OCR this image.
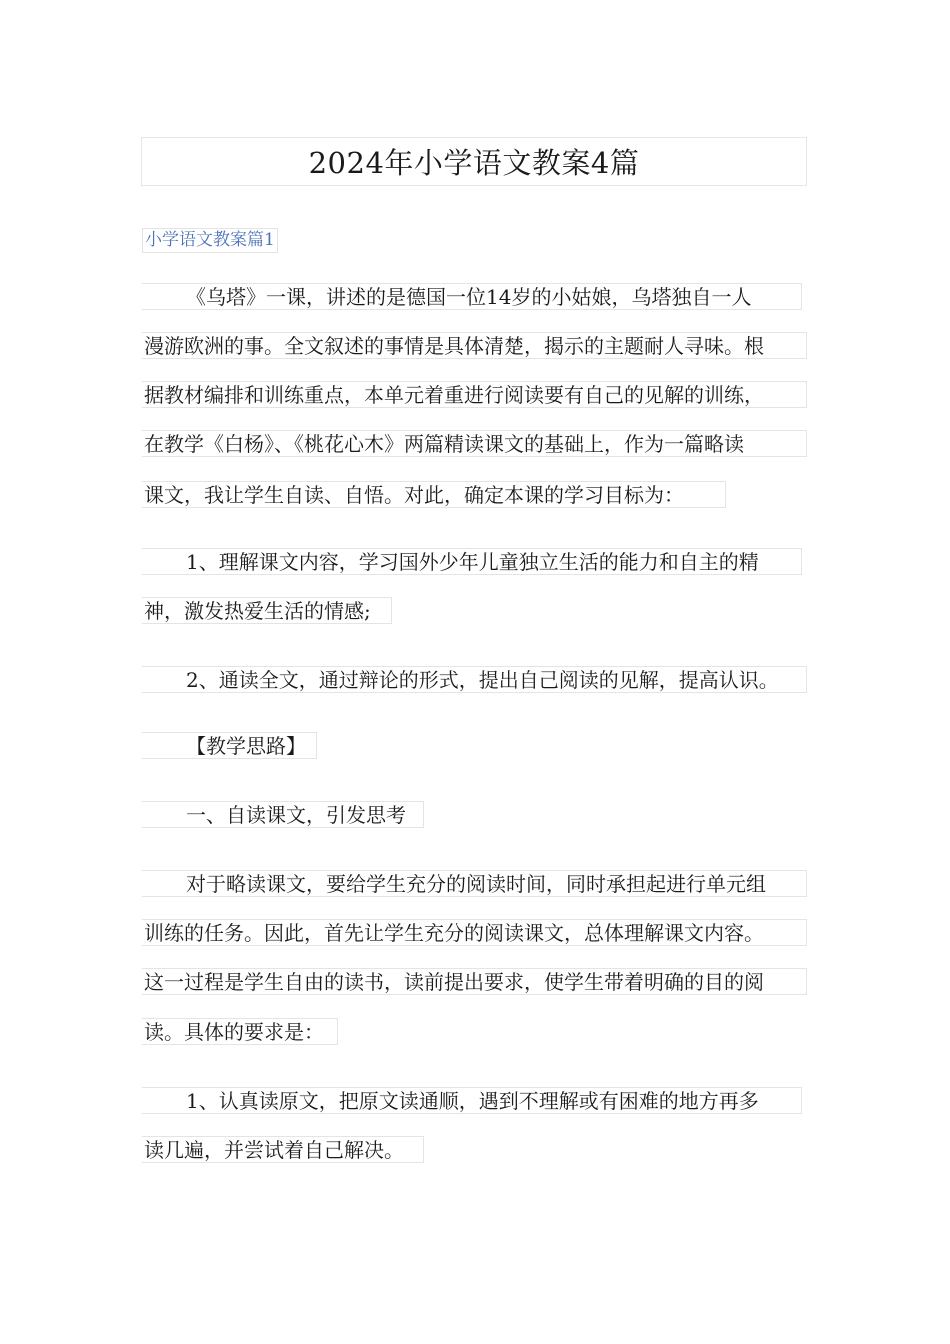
2024年小学语文教案4篇
小学语文教案篇1
《乌塔》一课，讲述的是德国一位14岁的小姑娘，乌塔独自一人
漫游欧洲的事。全文叙述的事情是具体清楚，揭示的主题耐人寻味。根
据教材编排和训练重点，本单元着重进行阅读要有自己的见解的训练，
在教学《白杨》、《桃花心木》两篇精读课文的基础上，作为一篇略读
课文，我让学生自读、自悟。对此，确定本课的学习目标为：
1、理解课文内容，学习国外少年儿童独立生活的能力和自主的精
神，激发热爱生活的情感;
2、通读全文，通过辩论的形式，提出自己阅读的见解，提高认识。
【教学思路】
一、自读课文，引发思考
对于略读课文，要给学生充分的阅读时间，同时承担起进行单元组
训练的任务。因此，首先让学生充分的阅读课文，总体理解课文内容。
这一过程是学生自由的读书，读前提出要求，使学生带着明确的目的阅
读。具体的要求是：
1、认真读原文，把原文读通顺，遇到不理解或有困难的地方再多
读几遍，并尝试着自己解决。
